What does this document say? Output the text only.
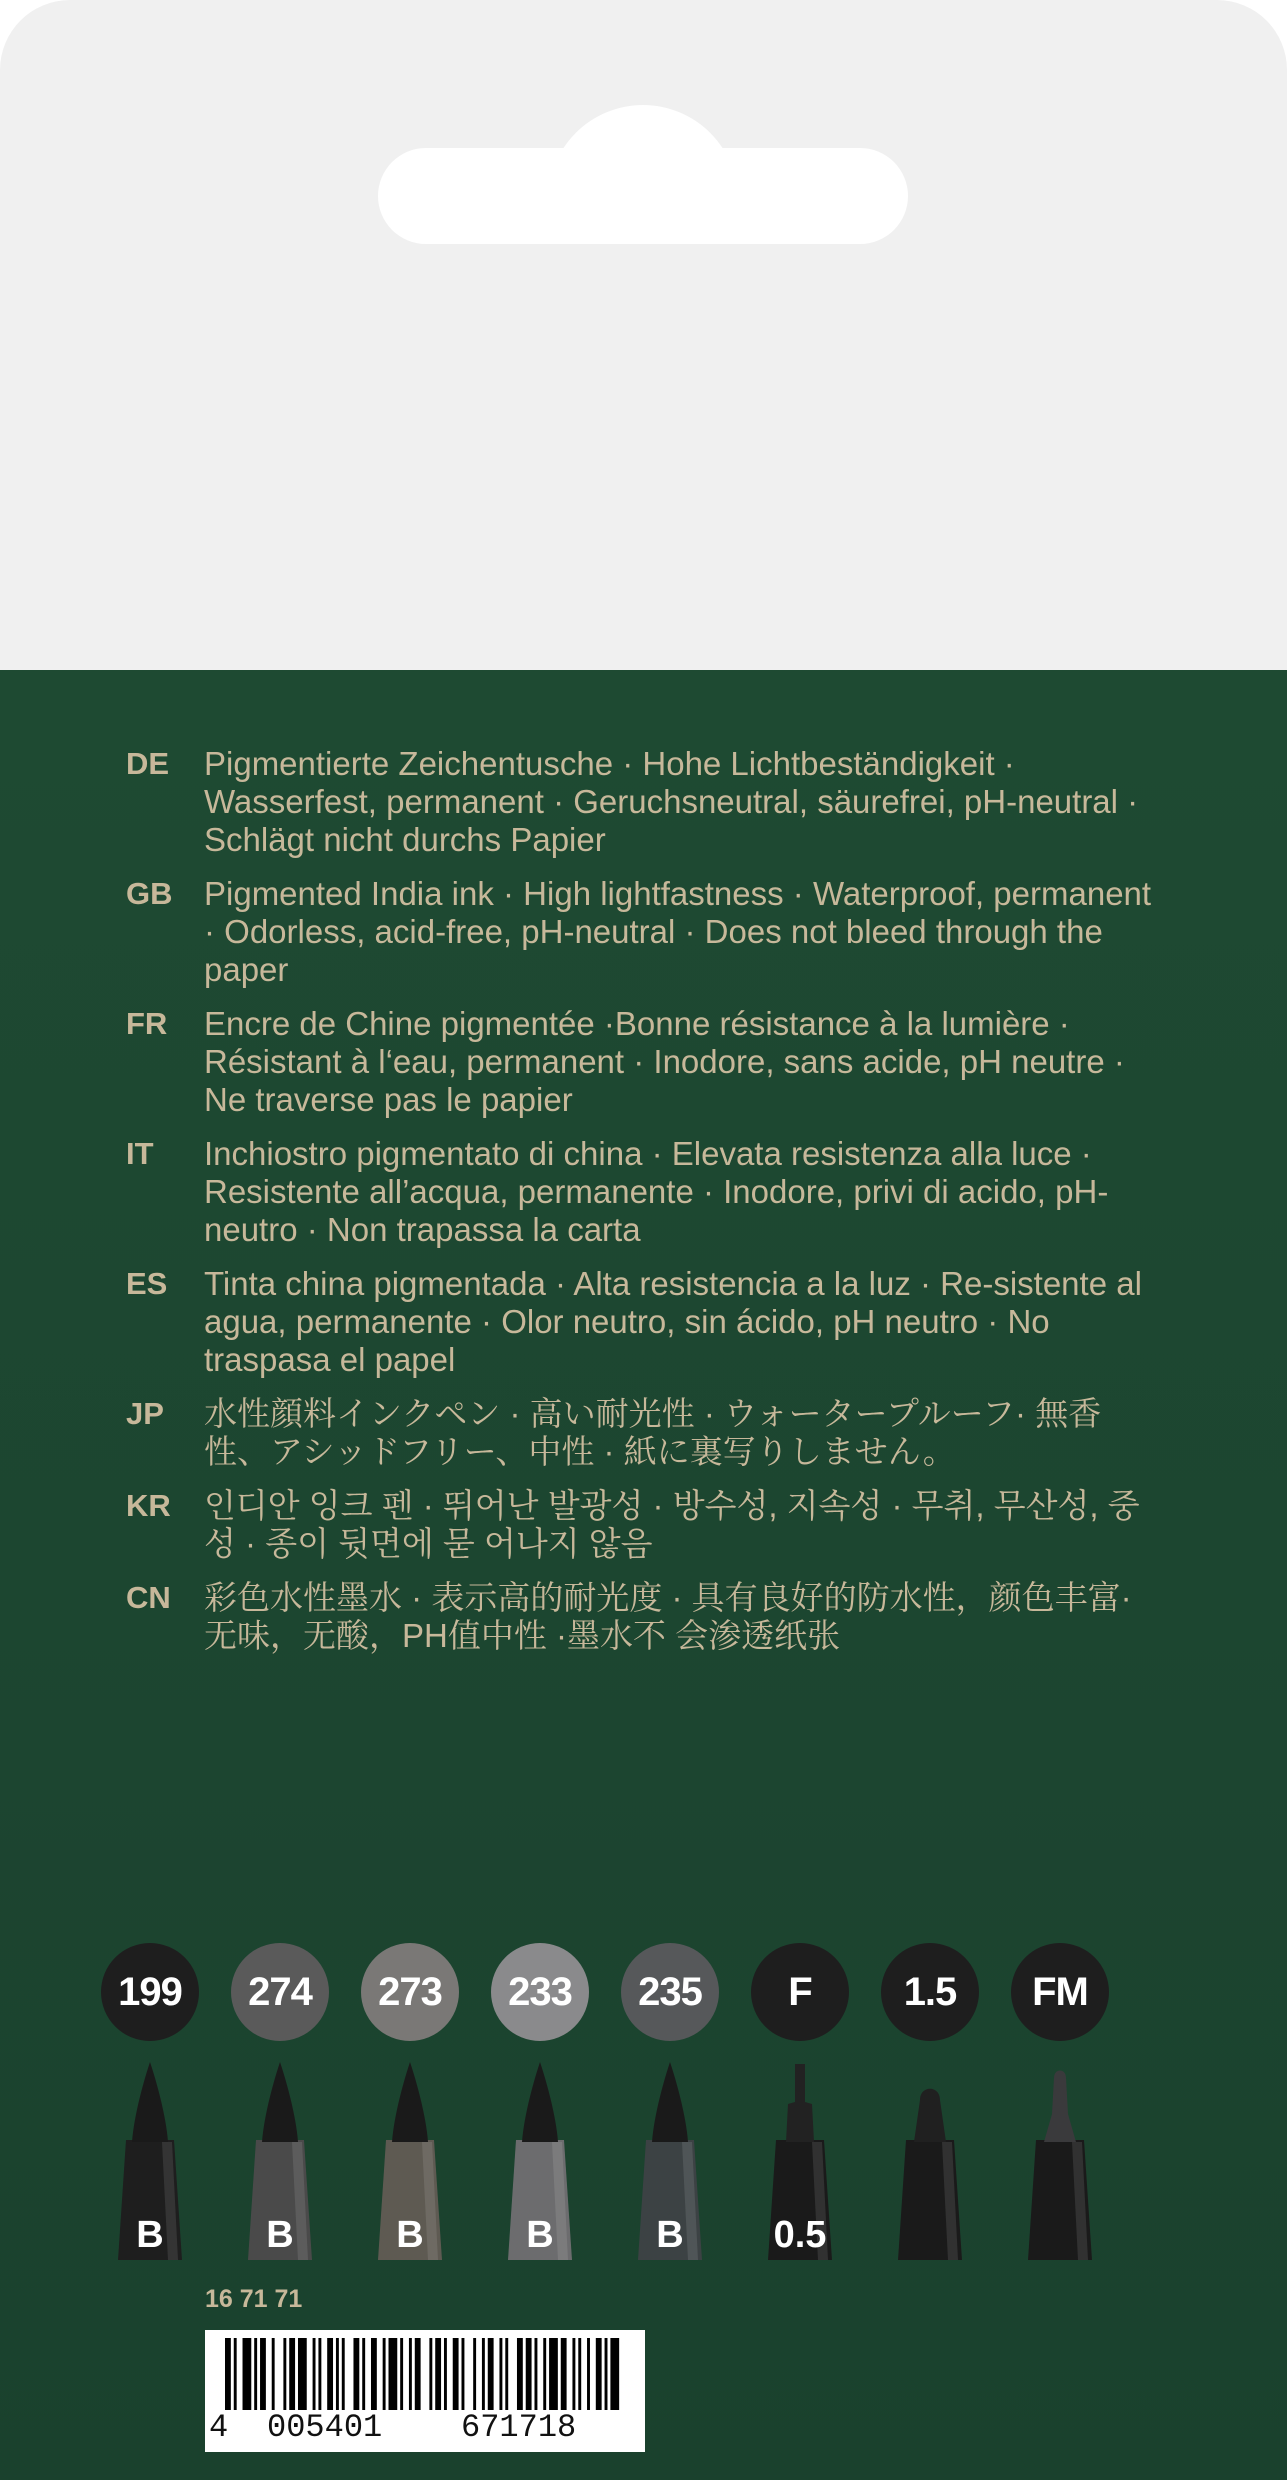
DE	Pigmentierte Zeichentusche · Hohe Lichtbeständigkeit · Wasserfest, permanent · Geruchsneutral, säurefrei, pH-neutral · Schlägt nicht durchs Papier
GB Pigmented India ink · High lightfastness · Waterproof, permanent · Odorless, acid-free, pH-neutral · Does not bleed through the paper
FR	Encre de Chine pigmentée ·Bonne résistance à la lumière · Résistant à l‘eau, permanent · Inodore, sans acide, pH neutre · Ne traverse pas le papier
IT	Inchiostro pigmentato di china · Elevata resistenza alla luce · Resistente all’acqua, permanente · Inodore, privi di acido, pH-neutro · Non trapassa la carta
ES	Tinta china pigmentada · Alta resistencia a la luz · Re-sistente al agua, permanente · Olor neutro, sin ácido, pH neutro · No traspasa el papel
JP	水性顔料インクペン · 高い耐光性 · ウォータープルーフ· 無香性、アシッドフリー、中性 · 紙に裏写りしません。
KR	인디안 잉크 펜 · 뛰어난 발광성 · 방수성, 지속성 · 무취, 무산성, 중성 · 종이 뒷면에 묻 어나지 않음
CN	彩色水性墨水 · 表示高的耐光度 · 具有良好的防水性，颜色丰富· 无味，无酸，PH值中性 ·墨水不 会渗透纸张
199	274	273	233	235	F	1.5	FM
B	B	B	B	B	0.5
16 71 71
4 005401 671718
